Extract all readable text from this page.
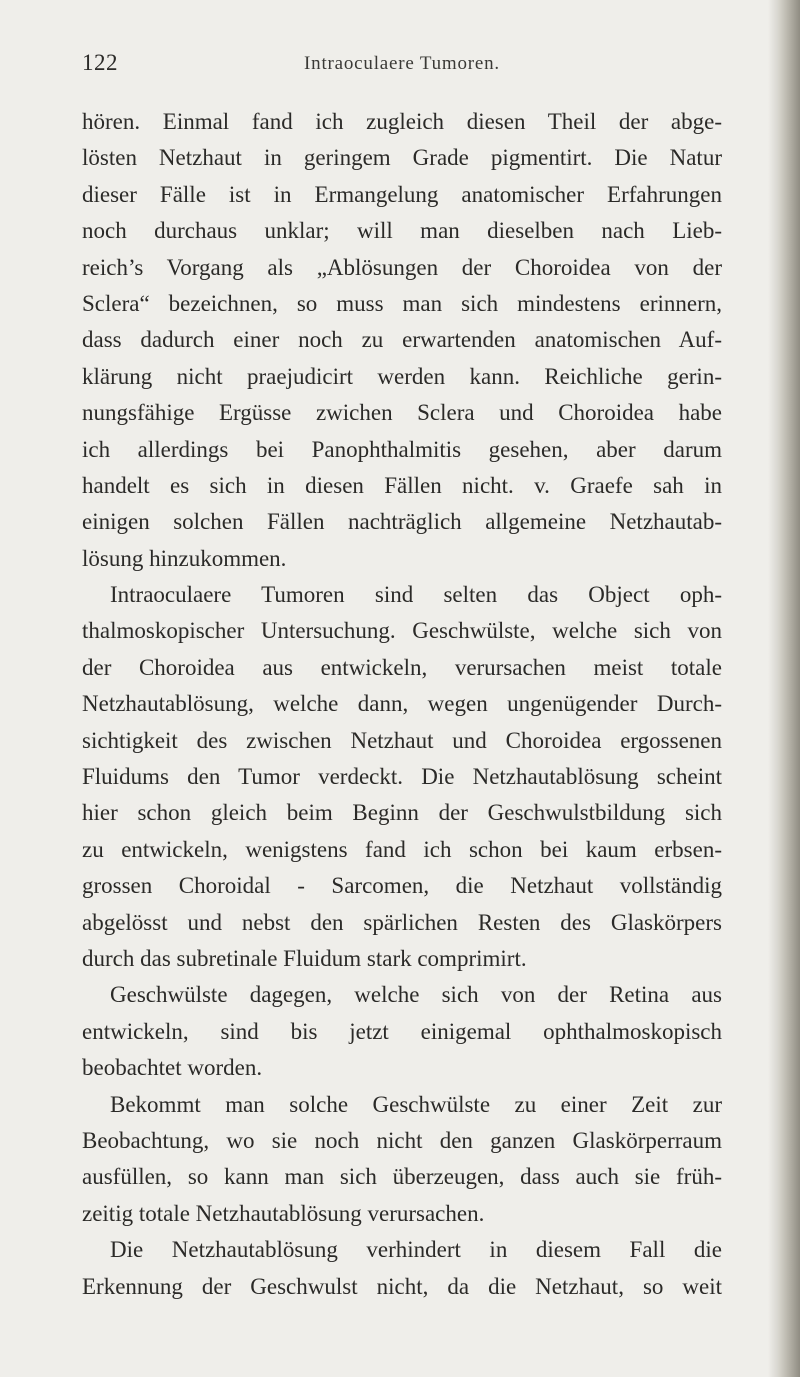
122	Intraoculaere Tumoren.
hören. Einmal fand ich zugleich diesen Theil der abge-
lösten Netzhaut in geringem Grade pigmentirt. Die Natur
dieser Fälle ist in Ermangelung anatomischer Erfahrungen
noch durchaus unklar; will man dieselben nach Lieb-
reich’s Vorgang als „Ablösungen der Choroidea von der
Sclera“ bezeichnen, so muss man sich mindestens erinnern,
dass dadurch einer noch zu erwartenden anatomischen Auf-
klärung nicht praejudicirt werden kann. Reichliche gerin-
nungsfähige Ergüsse zwichen Sclera und Choroidea habe
ich allerdings bei Panophthalmitis gesehen, aber darum
handelt es sich in diesen Fällen nicht. v. Graefe sah in
einigen solchen Fällen nachträglich allgemeine Netzhautab-
lösung hinzukommen.
Intraoculaere Tumoren sind selten das Object oph-
thalmoskopischer Untersuchung. Geschwülste, welche sich von
der Choroidea aus entwickeln, verursachen meist totale
Netzhautablösung, welche dann, wegen ungenügender Durch-
sichtigkeit des zwischen Netzhaut und Choroidea ergossenen
Fluidums den Tumor verdeckt. Die Netzhautablösung scheint
hier schon gleich beim Beginn der Geschwulstbildung sich
zu entwickeln, wenigstens fand ich schon bei kaum erbsen-
grossen Choroidal - Sarcomen, die Netzhaut vollständig
abgelösst und nebst den spärlichen Resten des Glaskörpers
durch das subretinale Fluidum stark comprimirt.
Geschwülste dagegen, welche sich von der Retina aus
entwickeln, sind bis jetzt einigemal ophthalmoskopisch
beobachtet worden.
Bekommt man solche Geschwülste zu einer Zeit zur
Beobachtung, wo sie noch nicht den ganzen Glaskörperraum
ausfüllen, so kann man sich überzeugen, dass auch sie früh-
zeitig totale Netzhautablösung verursachen.
Die Netzhautablösung verhindert in diesem Fall die
Erkennung der Geschwulst nicht, da die Netzhaut, so weit
